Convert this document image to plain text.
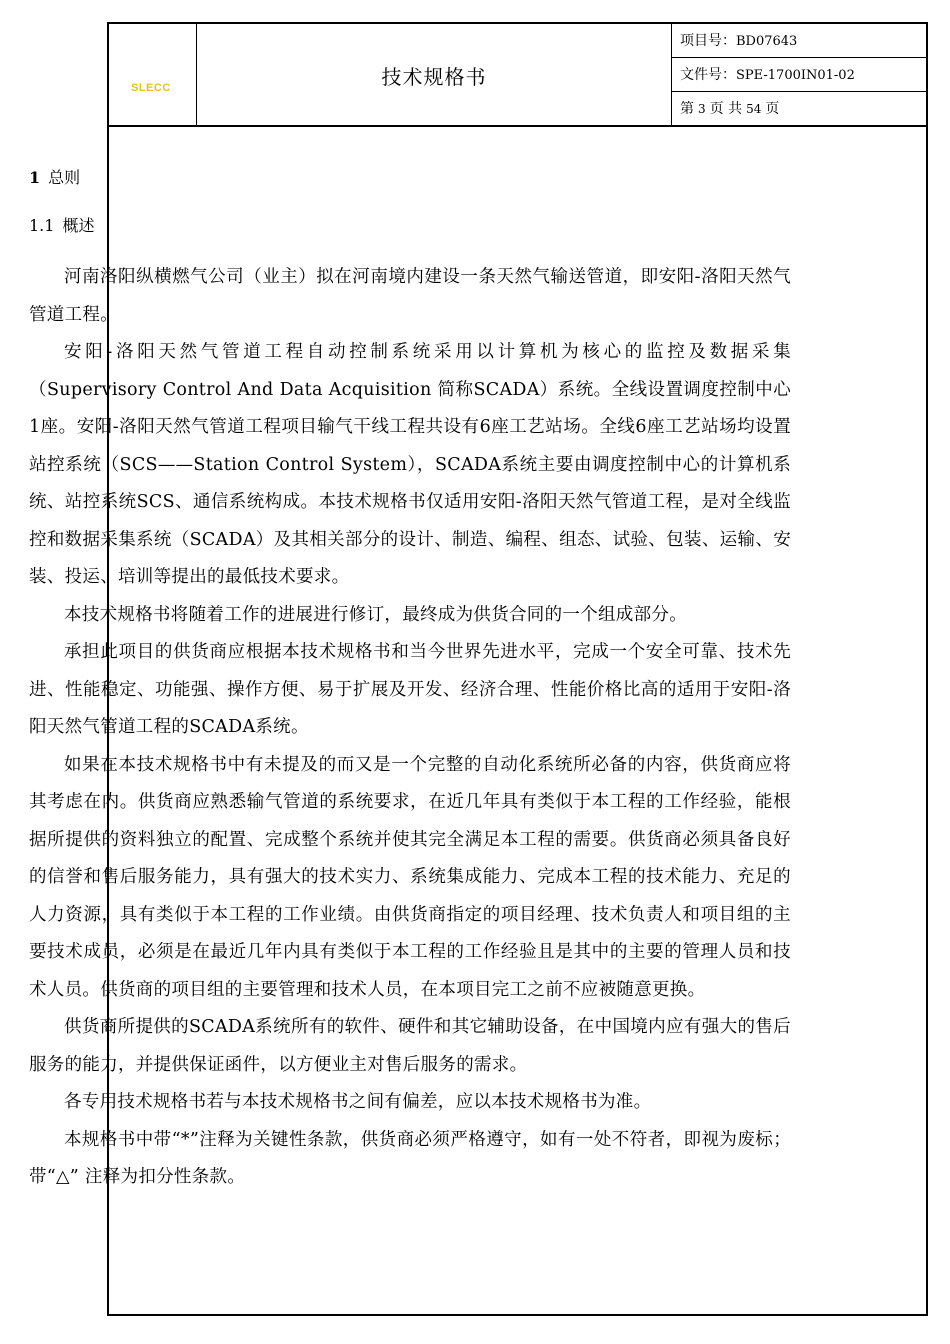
SLECC	技术规格书
项目号：BD07643
文件号：SPE-1700IN01-02
第 3 页 共 54 页

1 总则

1.1 概述

河南洛阳纵横燃气公司（业主）拟在河南境内建设一条天然气输送管道，即安阳-洛阳天然气管道工程。

安阳-洛阳天然气管道工程自动控制系统采用以计算机为核心的监控及数据采集（Supervisory Control And Data Acquisition 简称SCADA）系统。全线设置调度控制中心1座。安阳-洛阳天然气管道工程项目输气干线工程共设有6座工艺站场。全线6座工艺站场均设置站控系统（SCS——Station Control System），SCADA系统主要由调度控制中心的计算机系统、站控系统SCS、通信系统构成。本技术规格书仅适用安阳-洛阳天然气管道工程，是对全线监控和数据采集系统（SCADA）及其相关部分的设计、制造、编程、组态、试验、包装、运输、安装、投运、培训等提出的最低技术要求。

本技术规格书将随着工作的进展进行修订，最终成为供货合同的一个组成部分。

承担此项目的供货商应根据本技术规格书和当今世界先进水平，完成一个安全可靠、技术先进、性能稳定、功能强、操作方便、易于扩展及开发、经济合理、性能价格比高的适用于安阳-洛阳天然气管道工程的SCADA系统。

如果在本技术规格书中有未提及的而又是一个完整的自动化系统所必备的内容，供货商应将其考虑在内。供货商应熟悉输气管道的系统要求，在近几年具有类似于本工程的工作经验，能根据所提供的资料独立的配置、完成整个系统并使其完全满足本工程的需要。供货商必须具备良好的信誉和售后服务能力，具有强大的技术实力、系统集成能力、完成本工程的技术能力、充足的人力资源，具有类似于本工程的工作业绩。由供货商指定的项目经理、技术负责人和项目组的主要技术成员，必须是在最近几年内具有类似于本工程的工作经验且是其中的主要的管理人员和技术人员。供货商的项目组的主要管理和技术人员，在本项目完工之前不应被随意更换。

供货商所提供的SCADA系统所有的软件、硬件和其它辅助设备，在中国境内应有强大的售后服务的能力，并提供保证函件，以方便业主对售后服务的需求。

各专用技术规格书若与本技术规格书之间有偏差，应以本技术规格书为准。

本规格书中带“*”注释为关键性条款，供货商必须严格遵守，如有一处不符者，即视为废标；带“△” 注释为扣分性条款。
